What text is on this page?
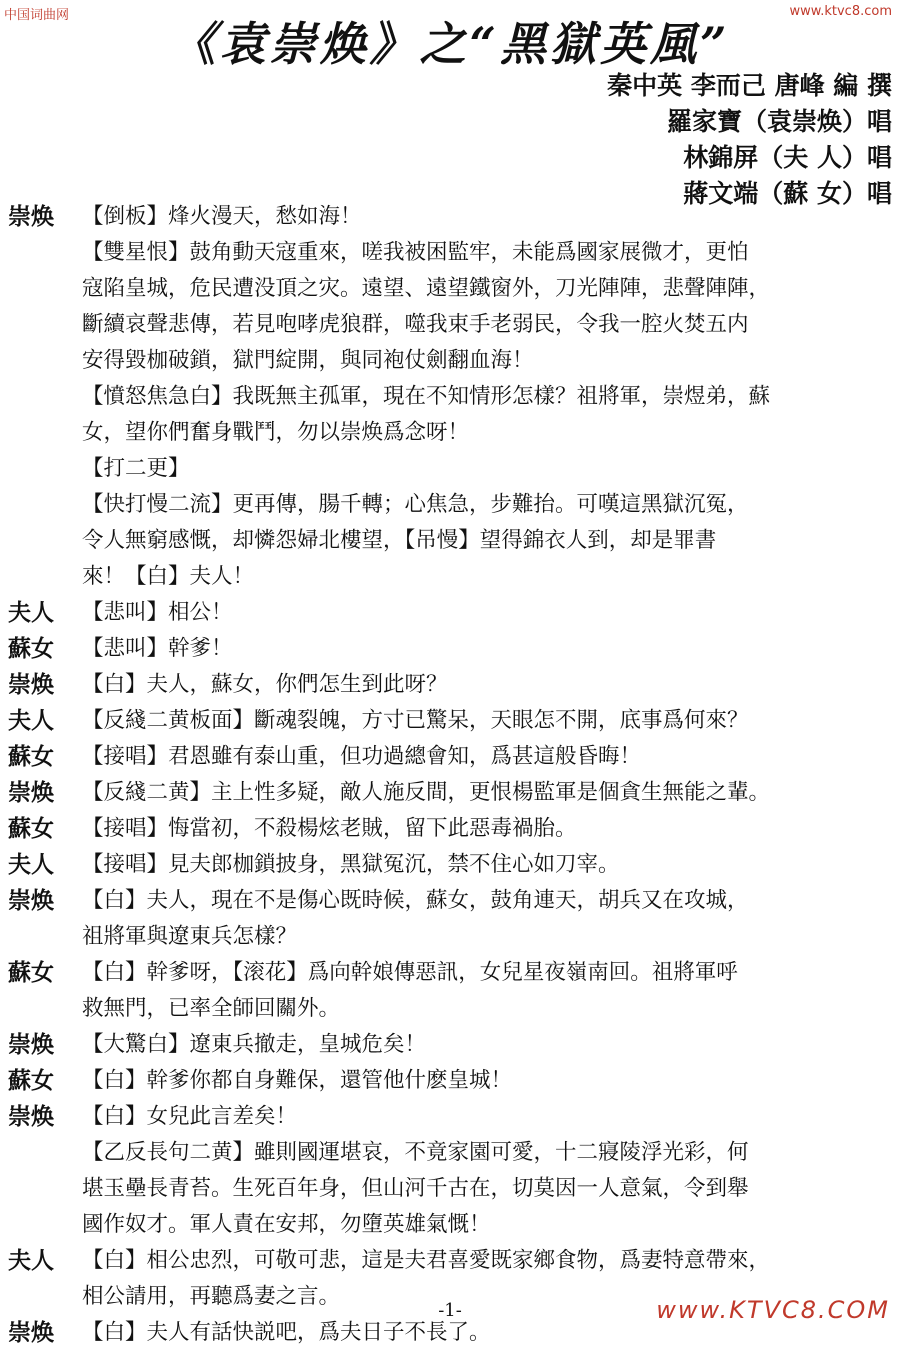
中国词曲网	www.ktvc8.com
《袁崇焕》之“黑獄英風”
秦中英 李而己 唐峰 編 撰
羅家寶（袁崇焕）唱
林錦屏（夫 人）唱
蔣文端（蘇 女）唱
崇焕	【倒板】烽火漫天，愁如海！
【雙星恨】鼓角動天寇重來，嗟我被困監牢，未能爲國家展微才，更怕
寇陷皇城，危民遭没頂之灾。遠望、遠望鐵窗外，刀光陣陣，悲聲陣陣，
斷續哀聲悲傳，若見咆哮虎狼群，噬我束手老弱民，令我一腔火焚五内
安得毀枷破鎖，獄門綻開，與同袍仗劍翻血海！
【憤怒焦急白】我既無主孤軍，現在不知情形怎樣？祖將軍，崇煜弟，蘇
女，望你們奮身戰鬥，勿以崇焕爲念呀！
【打二更】
【快打慢二流】更再傳，腸千轉；心焦急，步難抬。可嘆這黑獄沉冤，
令人無窮感慨，却憐怨婦北樓望，【吊慢】望得錦衣人到，却是罪書
來！【白】夫人！
夫人	【悲叫】相公！
蘇女	【悲叫】幹爹！
崇焕	【白】夫人，蘇女，你們怎生到此呀？
夫人	【反綫二黄板面】斷魂裂魄，方寸已驚呆，天眼怎不開，底事爲何來？
蘇女	【接唱】君恩雖有泰山重，但功過總會知，爲甚這般昏晦！
崇焕	【反綫二黄】主上性多疑，敵人施反間，更恨楊監軍是個貪生無能之輩。
蘇女	【接唱】悔當初，不殺楊炫老賊，留下此惡毒禍胎。
夫人	【接唱】見夫郎枷鎖披身，黑獄冤沉，禁不住心如刀宰。
崇焕	【白】夫人，現在不是傷心既時候，蘇女，鼓角連天，胡兵又在攻城，
祖將軍與遼東兵怎樣？
蘇女	【白】幹爹呀，【滚花】爲向幹娘傳惡訊，女兒星夜嶺南回。祖將軍呼
救無門，已率全師回關外。
崇焕	【大驚白】遼東兵撤走，皇城危矣！
蘇女	【白】幹爹你都自身難保，還管他什麽皇城！
崇焕	【白】女兒此言差矣！
【乙反長句二黄】雖則國運堪哀，不竟家園可愛，十二寢陵浮光彩，何
堪玉壘長青苔。生死百年身，但山河千古在，切莫因一人意氣，令到舉
國作奴才。軍人責在安邦，勿墮英雄氣慨！
夫人	【白】相公忠烈，可敬可悲，這是夫君喜愛既家鄉食物，爲妻特意帶來，
相公請用，再聽爲妻之言。
崇焕	【白】夫人有話快説吧，爲夫日子不長了。
-1-	www.KTVC8.COM
